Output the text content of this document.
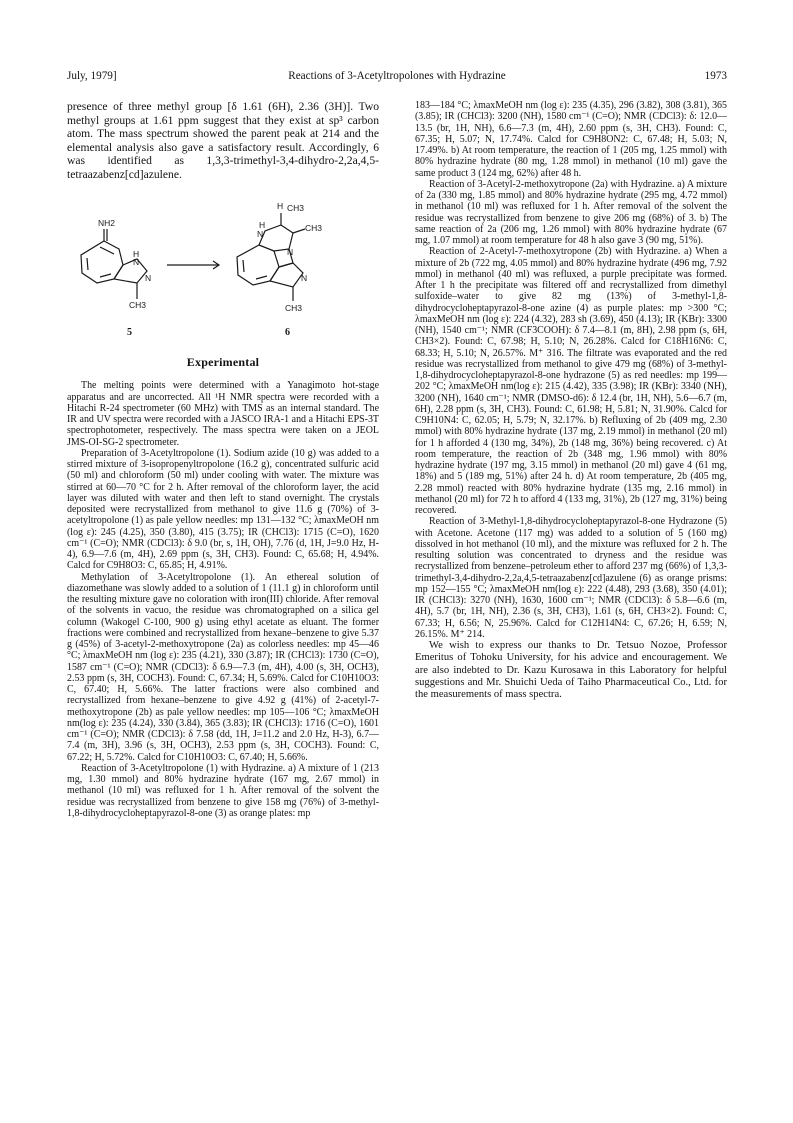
July, 1979]	Reactions of 3-Acetyltropolones with Hydrazine	1973

presence of three methyl group [δ 1.61 (6H), 2.36 (3H)]. Two methyl groups at 1.61 ppm suggest that they exist at sp³ carbon atom. The mass spectrum showed the parent peak at 214 and the elemental analysis also gave a satisfactory result. Accordingly, 6 was identified as 1,3,3-trimethyl-3,4-dihydro-2,2a,4,5-tetraazabenz[cd]azulene.

NH2
H
N
N
CH3
H CH3
CH3
H
N
N
N
CH3
5	6
Experimental

The melting points were determined with a Yanagimoto hot-stage apparatus and are uncorrected. All ¹H NMR spectra were recorded with a Hitachi R-24 spectrometer (60 MHz) with TMS as an internal standard. The IR and UV spectra were recorded with a JASCO IRA-1 and a Hitachi EPS-3T spectrophotometer, respectively. The mass spectra were taken on a JEOL JMS-OI-SG-2 spectrometer.

Preparation of 3-Acetyltropolone (1). Sodium azide (10 g) was added to a stirred mixture of 3-isopropenyltropolone (16.2 g), concentrated sulfuric acid (50 ml) and chloroform (50 ml) under cooling with water. The mixture was stirred at 60—70 °C for 2 h. After removal of the chloroform layer, the acid layer was diluted with water and then left to stand overnight. The crystals deposited were recrystallized from methanol to give 11.6 g (70%) of 3-acetyltropolone (1) as pale yellow needles: mp 131—132 °C; λmaxMeOH nm (log ε): 245 (4.25), 350 (3.80), 415 (3.75); IR (CHCl3): 1715 (C=O), 1620 cm⁻¹ (C=O); NMR (CDCl3): δ 9.0 (br, s, 1H, OH), 7.76 (d, 1H, J=9.0 Hz, H-4), 6.9—7.6 (m, 4H), 2.69 ppm (s, 3H, CH3). Found: C, 65.68; H, 4.94%. Calcd for C9H8O3: C, 65.85; H, 4.91%.

Methylation of 3-Acetyltropolone (1). An ethereal solution of diazomethane was slowly added to a solution of 1 (11.1 g) in chloroform until the resulting mixture gave no coloration with iron(III) chloride. After removal of the solvents in vacuo, the residue was chromatographed on a silica gel column (Wakogel C-100, 900 g) using ethyl acetate as eluant. The former fractions were combined and recrystallized from hexane–benzene to give 5.37 g (45%) of 3-acetyl-2-methoxytropone (2a) as colorless needles: mp 45—46 °C; λmaxMeOH nm (log ε): 235 (4.21), 330 (3.87); IR (CHCl3): 1730 (C=O), 1587 cm⁻¹ (C=O); NMR (CDCl3): δ 6.9—7.3 (m, 4H), 4.00 (s, 3H, OCH3), 2.53 ppm (s, 3H, COCH3). Found: C, 67.34; H, 5.69%. Calcd for C10H10O3: C, 67.40; H, 5.66%. The latter fractions were also combined and recrystallized from hexane–benzene to give 4.92 g (41%) of 2-acetyl-7-methoxytropone (2b) as pale yellow needles: mp 105—106 °C; λmaxMeOH nm(log ε): 235 (4.24), 330 (3.84), 365 (3.83); IR (CHCl3): 1716 (C=O), 1601 cm⁻¹ (C=O); NMR (CDCl3): δ 7.58 (dd, 1H, J=11.2 and 2.0 Hz, H-3), 6.7—7.4 (m, 3H), 3.96 (s, 3H, OCH3), 2.53 ppm (s, 3H, COCH3). Found: C, 67.22; H, 5.72%. Calcd for C10H10O3: C, 67.40; H, 5.66%.

Reaction of 3-Acetyltropolone (1) with Hydrazine. a) A mixture of 1 (213 mg, 1.30 mmol) and 80% hydrazine hydrate (167 mg, 2.67 mmol) in methanol (10 ml) was refluxed for 1 h. After removal of the solvent the residue was recrystallized from benzene to give 158 mg (76%) of 3-methyl-1,8-dihydrocycloheptapyrazol-8-one (3) as orange plates: mp

183—184 °C; λmaxMeOH nm (log ε): 235 (4.35), 296 (3.82), 308 (3.81), 365 (3.85); IR (CHCl3): 3200 (NH), 1580 cm⁻¹ (C=O); NMR (CDCl3): δ: 12.0—13.5 (br, 1H, NH), 6.6—7.3 (m, 4H), 2.60 ppm (s, 3H, CH3). Found: C, 67.35; H, 5.07; N, 17.74%. Calcd for C9H8ON2: C, 67.48; H, 5.03; N, 17.49%. b) At room temperature, the reaction of 1 (205 mg, 1.25 mmol) with 80% hydrazine hydrate (80 mg, 1.28 mmol) in methanol (10 ml) gave the same product 3 (124 mg, 62%) after 48 h.

Reaction of 3-Acetyl-2-methoxytropone (2a) with Hydrazine. a) A mixture of 2a (330 mg, 1.85 mmol) and 80% hydrazine hydrate (295 mg, 4.72 mmol) in methanol (10 ml) was refluxed for 1 h. After removal of the solvent the residue was recrystallized from benzene to give 206 mg (68%) of 3. b) The same reaction of 2a (206 mg, 1.26 mmol) with 80% hydrazine hydrate (67 mg, 1.07 mmol) at room temperature for 48 h also gave 3 (90 mg, 51%).

Reaction of 2-Acetyl-7-methoxytropone (2b) with Hydrazine. a) When a mixture of 2b (722 mg, 4.05 mmol) and 80% hydrazine hydrate (496 mg, 7.92 mmol) in methanol (40 ml) was refluxed, a purple precipitate was formed. After 1 h the precipitate was filtered off and recrystallized from dimethyl sulfoxide–water to give 82 mg (13%) of 3-methyl-1,8-dihydrocycloheptapyrazol-8-one azine (4) as purple plates: mp >300 °C; λmaxMeOH nm (log ε): 224 (4.32), 283 sh (3.69), 450 (4.13); IR (KBr): 3300 (NH), 1540 cm⁻¹; NMR (CF3COOH): δ 7.4—8.1 (m, 8H), 2.98 ppm (s, 6H, CH3×2). Found: C, 67.98; H, 5.10; N, 26.28%. Calcd for C18H16N6: C, 68.33; H, 5.10; N, 26.57%. M⁺ 316. The filtrate was evaporated and the red residue was recrystallized from methanol to give 479 mg (68%) of 3-methyl-1,8-dihydrocycloheptapyrazol-8-one hydrazone (5) as red needles: mp 199—202 °C; λmaxMeOH nm(log ε): 215 (4.42), 335 (3.98); IR (KBr): 3340 (NH), 3200 (NH), 1640 cm⁻¹; NMR (DMSO-d6): δ 12.4 (br, 1H, NH), 5.6—6.7 (m, 6H), 2.28 ppm (s, 3H, CH3). Found: C, 61.98; H, 5.81; N, 31.90%. Calcd for C9H10N4: C, 62.05; H, 5.79; N, 32.17%. b) Refluxing of 2b (409 mg, 2.30 mmol) with 80% hydrazine hydrate (137 mg, 2.19 mmol) in methanol (20 ml) for 1 h afforded 4 (130 mg, 34%), 2b (148 mg, 36%) being recovered. c) At room temperature, the reaction of 2b (348 mg, 1.96 mmol) with 80% hydrazine hydrate (197 mg, 3.15 mmol) in methanol (20 ml) gave 4 (61 mg, 18%) and 5 (189 mg, 51%) after 24 h. d) At room temperature, 2b (405 mg, 2.28 mmol) reacted with 80% hydrazine hydrate (135 mg, 2.16 mmol) in methanol (20 ml) for 72 h to afford 4 (133 mg, 31%), 2b (127 mg, 31%) being recovered.

Reaction of 3-Methyl-1,8-dihydrocycloheptapyrazol-8-one Hydrazone (5) with Acetone. Acetone (117 mg) was added to a solution of 5 (160 mg) dissolved in hot methanol (10 ml), and the mixture was refluxed for 2 h. The resulting solution was concentrated to dryness and the residue was recrystallized from benzene–petroleum ether to afford 237 mg (66%) of 1,3,3-trimethyl-3,4-dihydro-2,2a,4,5-tetraazabenz[cd]azulene (6) as orange prisms: mp 152—155 °C; λmaxMeOH nm(log ε): 222 (4.48), 293 (3.68), 350 (4.01); IR (CHCl3): 3270 (NH), 1630, 1600 cm⁻¹; NMR (CDCl3): δ 5.8—6.6 (m, 4H), 5.7 (br, 1H, NH), 2.36 (s, 3H, CH3), 1.61 (s, 6H, CH3×2). Found: C, 67.33; H, 6.56; N, 25.96%. Calcd for C12H14N4: C, 67.26; H, 6.59; N, 26.15%. M⁺ 214.

We wish to express our thanks to Dr. Tetsuo Nozoe, Professor Emeritus of Tohoku University, for his advice and encouragement. We are also indebted to Dr. Kazu Kurosawa in this Laboratory for helpful suggestions and Mr. Shuichi Ueda of Taiho Pharmaceutical Co., Ltd. for the measurements of mass spectra.
